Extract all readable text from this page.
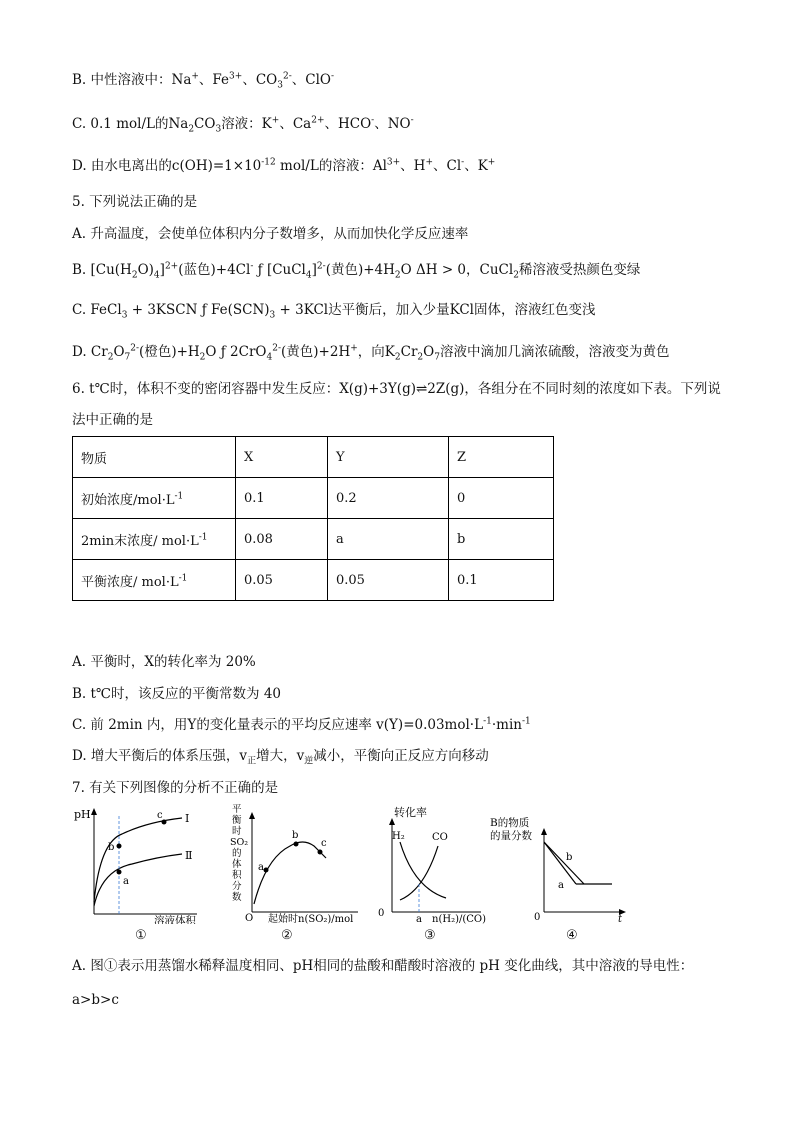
B. 中性溶液中：Na+、$Fe^{3+}$、$CO_3^{2-}$、ClO-
C. 0.1 mol/L的$Na_2CO_3$溶液：K+、$Ca^{2+}$、HCO-、NO-
D. 由水电离出的$c(OH)=1\times 10^{-12}$ mol/L的溶液：$Al^{3+}$、H+、Cl-、K+
5. 下列说法正确的是
A. 升高温度，会使单位体积内分子数增多，从而加快化学反应速率
B. $[Cu(H_2O)_4]^{2+}$(蓝色)+4Cl- ƒ [CuCl$_4$]$^{2-}$(黄色)$+4H_2O$ ΔH > 0，CuCl$_2$稀溶液受热颜色变绿
C. FeCl$_3$ + 3KSCN ƒ $Fe(SCN)_3 + 3KCl$达平衡后，加入少量KCl固体，溶液红色变浅
D. $Cr_2O_7^{2-}$(橙色)$+H_2O$ ƒ 2CrO$_4^{2-}$(黄色)+2H+，向$K_2Cr_2O_7$溶液中滴加几滴浓硫酸，溶液变为黄色
6. t℃时，体积不变的密闭容器中发生反应：X(g)+3Y(g)⇌2Z(g)，各组分在不同时刻的浓度如下表。下列说
法中正确的是
物质	X	Y	Z
初始浓度$/mol\cdot L^{-1}$	0.1	0.2	0
2min末浓度/ $mol\cdot L^{-1}$	0.08	a	b
平衡浓度/ $mol\cdot L^{-1}$	0.05	0.05	0.1
A. 平衡时，X的转化率为 20%
B. t℃时，该反应的平衡常数为 40
C. 前 2min 内，用Y的变化量表示的平均反应速率 $v(Y)=0.03mol\cdot L^{-1}\cdot\min^{-1}$
D. 增大平衡后的体系压强，$v_正$增大，$v_逆$减小，平衡向正反应方向移动
7. 有关下列图像的分析不正确的是
pH
b
a
c Ⅰ
Ⅱ
溶液体积
①
平
衡
时
SO₂
的
体
积
分
数
O
a
b
c
起始时n(SO₂)/mol
②
转化率
H₂	CO
0
a n(H₂)/(CO)
③
B的物质
的量分数
b
a
0	t
④
A. 图①表示用蒸馏水稀释温度相同、pH相同的盐酸和醋酸时溶液的 pH 变化曲线，其中溶液的导电性：
a>b>c
